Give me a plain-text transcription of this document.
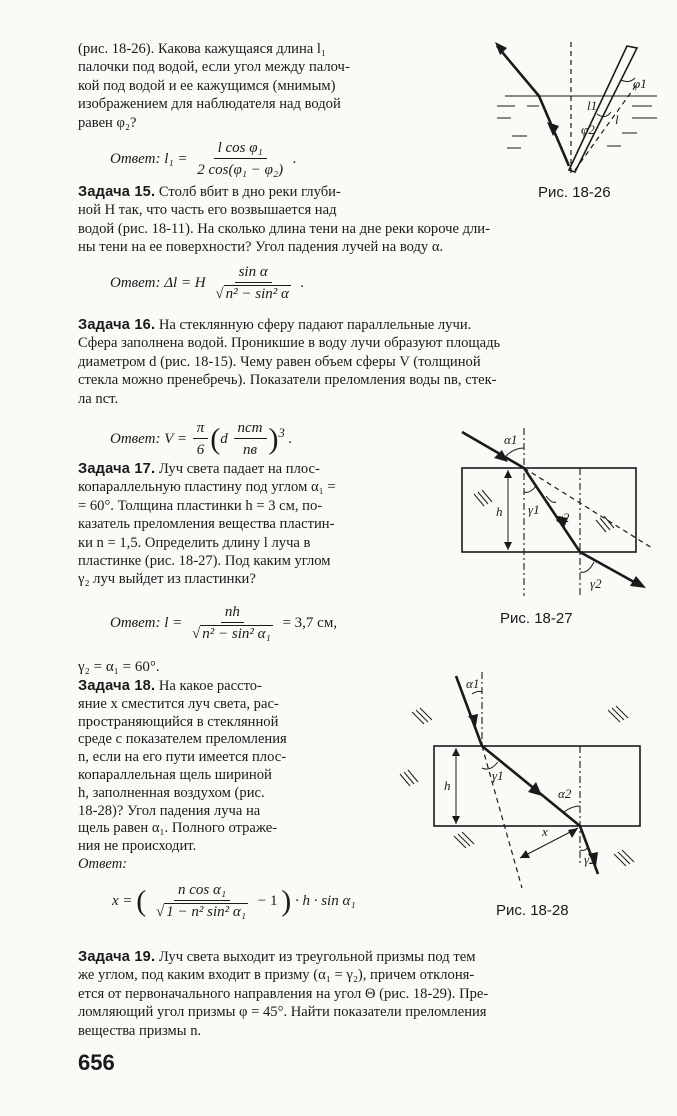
(рис. 18-26). Какова кажущаяся длина l₁

палочки под водой, если угол между палоч-

кой под водой и ее кажущимся (мнимым)

изображением для наблюдателя над водой

равен φ₂?

Ответ: $l_1 = \frac{\text{l cos φ₁}}{\text{2 cos(φ₁ − φ₂)}}$ .
φ1
l1
l
φ2
Рис. 18-26

Задача 15. Столб вбит в дно реки глуби-

ной H так, что часть его возвышается над

водой (рис. 18-11). На сколько длина тени на дне реки короче дли-

ны тени на ее поверхности? Угол падения лучей на воду α.

Ответ: Δl = H $\frac{\text{sin α}}{\text{√ n² − sin² α}}$ .

Задача 16. На стеклянную сферу падают параллельные лучи.

Сфера заполнена водой. Проникшие в воду лучи образуют площадь

диаметром d (рис. 18-15). Чему равен объем сферы V (толщиной

стекла можно пренебречь). Показатели преломления воды nв, стек-

ла nст.

Ответ: $V = \frac{\pi}{6} (d \frac{\text{nст}}{nв} )^3$ .	α1
h γ1
α2
γ2
Рис. 18-27

Задача 17. Луч света падает на плос-

копараллельную пластину под углом α₁ =

= 60°. Толщина пластинки h = 3 см, по-

казатель преломления вещества пластин-

ки n = 1,5. Определить длину l луча в

пластинке (рис. 18-27). Под каким углом

γ₂ луч выйдет из пластинки?

Ответ: $l = \frac{nh}{\text{√ n² − sin² α₁}} = 3,7$ см,
γ₂ = α₁ = 60°.

Задача 18. На какое рассто-

яние x сместится луч света, рас-

пространяющийся в стеклянной

среде с показателем преломления

n, если на его пути имеется плос-

копараллельная щель шириной

h, заполненная воздухом (рис.

18-28)? Угол падения луча на

щель равен α₁. Полного отраже-

ния не происходит.

Ответ:

α1
h
γ1
α2
x
γ2
Рис. 18-28
x = ( $\frac{\text{n cos α₁}}{\text{√ 1 − n² sin² α₁}} - 1$ ) · h · sin α₁

Задача 19. Луч света выходит из треугольной призмы под тем

же углом, под каким входит в призму (α₁ = γ₂), причем отклоня-

ется от первоначального направления на угол Θ (рис. 18-29). Пре-

ломляющий угол призмы φ = 45°. Найти показатели преломления

вещества призмы n.

656
